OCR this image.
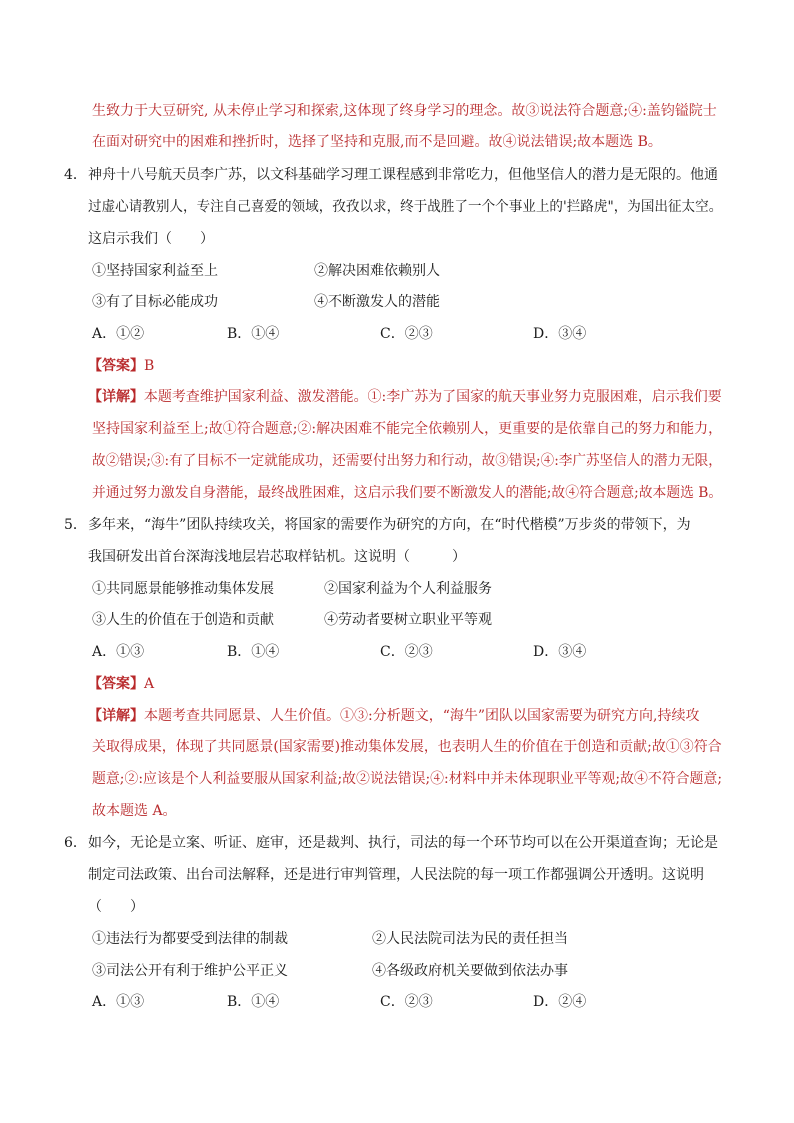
生致力于大豆研究, 从未停止学习和探索,这体现了终身学习的理念。故③说法符合题意;④:盖钧镒院士
在面对研究中的困难和挫折时，选择了坚持和克服,而不是回避。故④说法错误;故本题选 B。
4． 神舟十八号航天员李广苏，以文科基础学习理工课程感到非常吃力，但他坚信人的潜力是无限的。他通
过虚心请教别人，专注自己喜爱的领域，孜孜以求，终于战胜了一个个事业上的'拦路虎"，为国出征太空。
这启示我们（　　）
①坚持国家利益至上	②解决困难依赖别人
③有了目标必能成功	④不断激发人的潜能
A．①②	B．①④	C．②③	D．③④
【答案】B
【详解】本题考查维护国家利益、激发潜能。①:李广苏为了国家的航天事业努力克服困难，启示我们要
坚持国家利益至上;故①符合题意;②:解决困难不能完全依赖别人，更重要的是依靠自己的努力和能力，
故②错误;③:有了目标不一定就能成功，还需要付出努力和行动，故③错误;④:李广苏坚信人的潜力无限，
并通过努力激发自身潜能，最终战胜困难，这启示我们要不断激发人的潜能;故④符合题意;故本题选 B。
5． 多年来，“海牛”团队持续攻关，将国家的需要作为研究的方向，在“时代楷模”万步炎的带领下，为
我国研发出首台深海浅地层岩芯取样钻机。这说明（　　　）
①共同愿景能够推动集体发展	②国家利益为个人利益服务
③人生的价值在于创造和贡献	④劳动者要树立职业平等观
A．①③	B．①④	C．②③	D．③④
【答案】A
【详解】本题考查共同愿景、人生价值。①③:分析题文，“海牛”团队以国家需要为研究方向,持续攻
关取得成果，体现了共同愿景(国家需要)推动集体发展，也表明人生的价值在于创造和贡献;故①③符合
题意;②:应该是个人利益要服从国家利益;故②说法错误;④:材料中并未体现职业平等观;故④不符合题意;
故本题选 A。
6． 如今，无论是立案、听证、庭审，还是裁判、执行，司法的每一个环节均可以在公开渠道查询；无论是
制定司法政策、出台司法解释，还是进行审判管理，人民法院的每一项工作都强调公开透明。这说明
（　　）
①违法行为都要受到法律的制裁	②人民法院司法为民的责任担当
③司法公开有利于维护公平正义	④各级政府机关要做到依法办事
A．①③	B．①④	C．②③	D．②④
